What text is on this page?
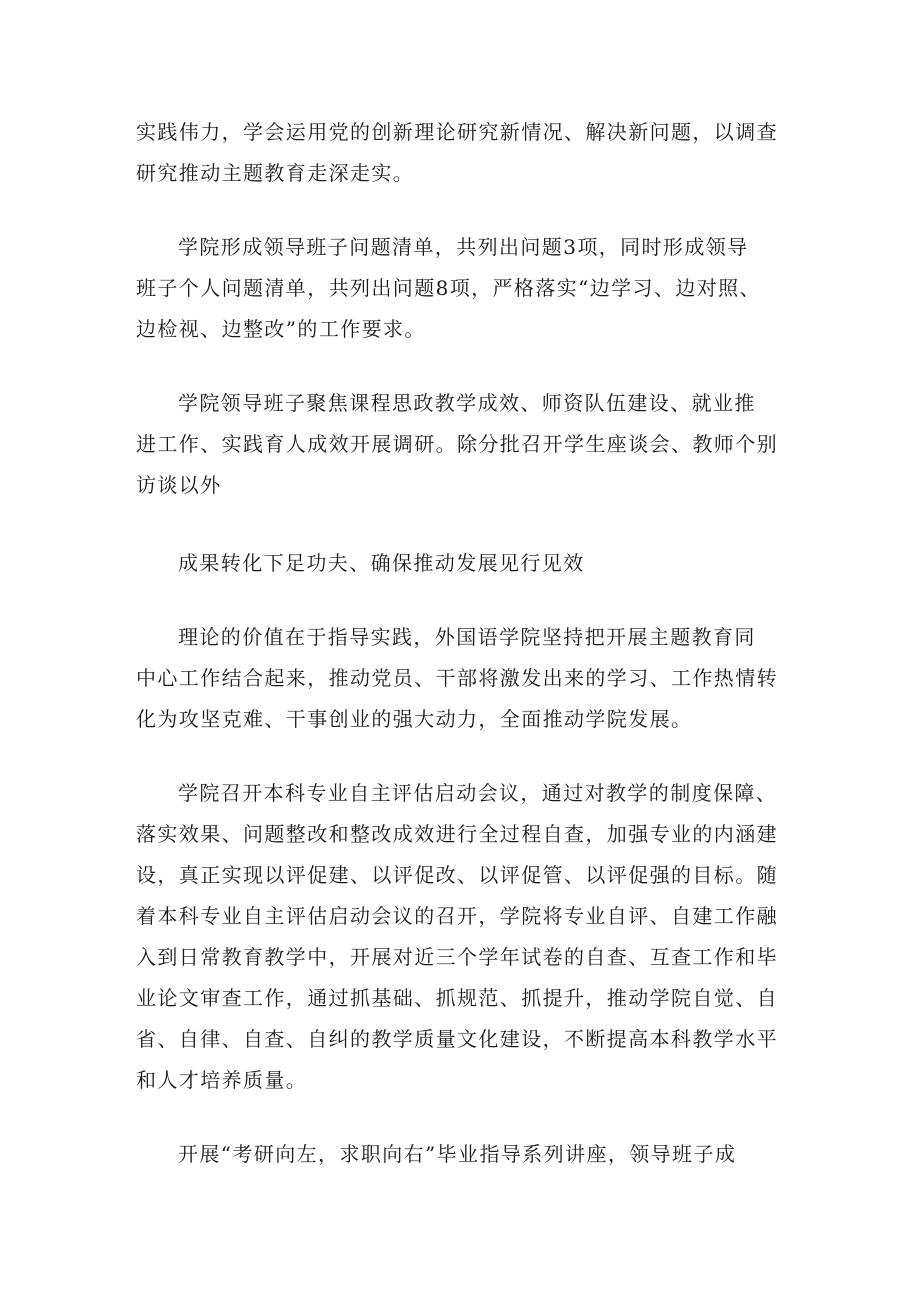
实践伟力，学会运用党的创新理论研究新情况、解决新问题，以调查
研究推动主题教育走深走实。

学院形成领导班子问题清单，共列出问题3项，同时形成领导
班子个人问题清单，共列出问题8项，严格落实“边学习、边对照、
边检视、边整改”的工作要求。

学院领导班子聚焦课程思政教学成效、师资队伍建设、就业推
进工作、实践育人成效开展调研。除分批召开学生座谈会、教师个别
访谈以外

成果转化下足功夫、确保推动发展见行见效

理论的价值在于指导实践，外国语学院坚持把开展主题教育同
中心工作结合起来，推动党员、干部将激发出来的学习、工作热情转
化为攻坚克难、干事创业的强大动力，全面推动学院发展。

学院召开本科专业自主评估启动会议，通过对教学的制度保障、
落实效果、问题整改和整改成效进行全过程自查，加强专业的内涵建
设，真正实现以评促建、以评促改、以评促管、以评促强的目标。随
着本科专业自主评估启动会议的召开，学院将专业自评、自建工作融
入到日常教育教学中，开展对近三个学年试卷的自查、互查工作和毕
业论文审查工作，通过抓基础、抓规范、抓提升，推动学院自觉、自
省、自律、自查、自纠的教学质量文化建设，不断提高本科教学水平
和人才培养质量。

开展“考研向左，求职向右”毕业指导系列讲座，领导班子成
